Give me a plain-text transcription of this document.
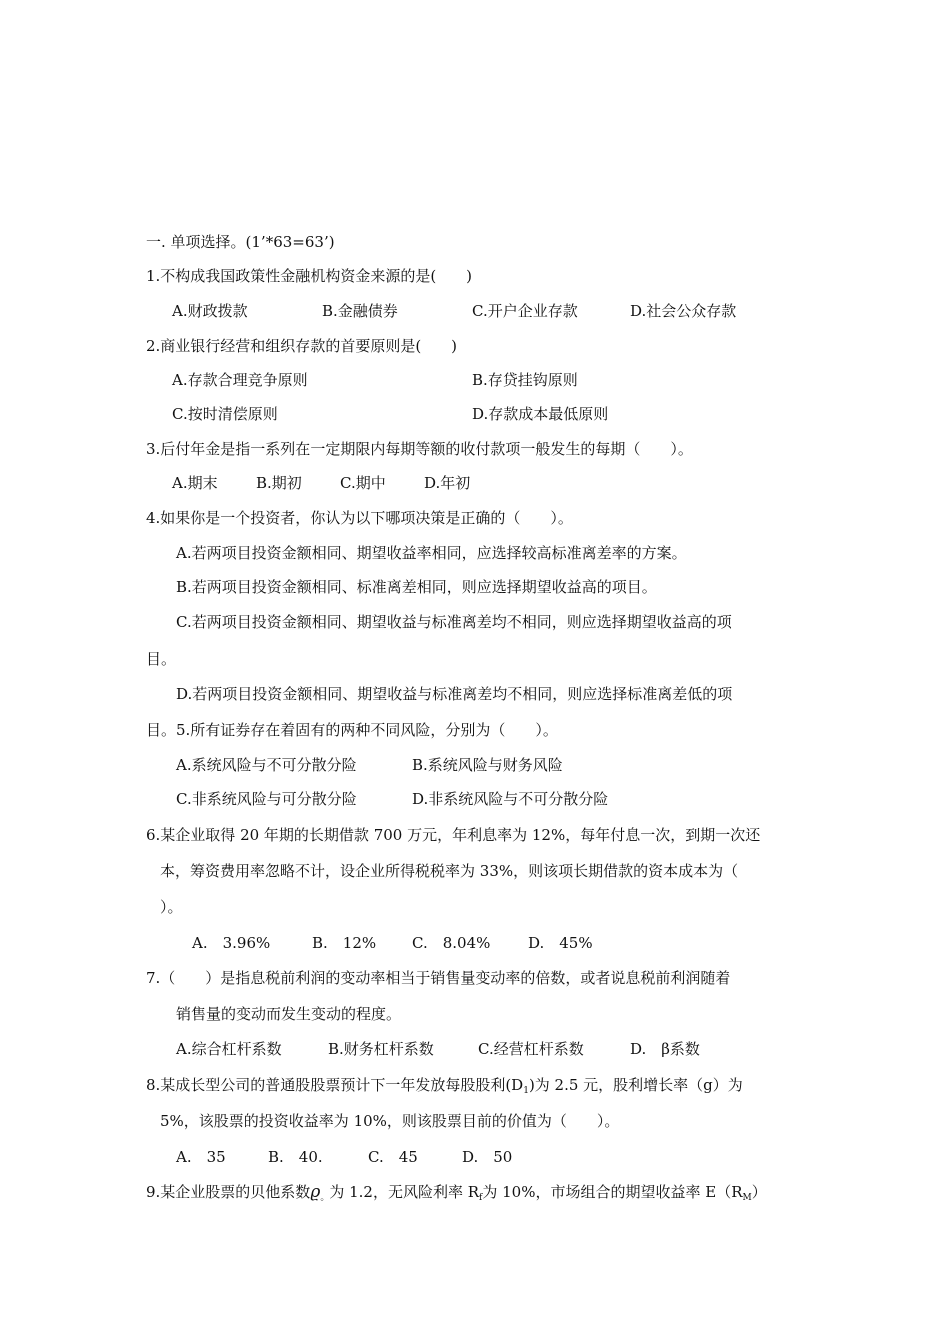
一. 单项选择。(1’*63=63’)
1.不构成我国政策性金融机构资金来源的是(　　)
A.财政拨款	B.金融债券	C.开户企业存款	D.社会公众存款
2.商业银行经营和组织存款的首要原则是(　　)
A.存款合理竞争原则	B.存贷挂钩原则
C.按时清偿原则	D.存款成本最低原则
3.后付年金是指一系列在一定期限内每期等额的收付款项一般发生的每期（　　）。
A.期末	B.期初	C.期中	D.年初
4.如果你是一个投资者，你认为以下哪项决策是正确的（　　）。
A.若两项目投资金额相同、期望收益率相同，应选择较高标准离差率的方案。
B.若两项目投资金额相同、标准离差相同，则应选择期望收益高的项目。
C.若两项目投资金额相同、期望收益与标准离差均不相同，则应选择期望收益高的项
目。
D.若两项目投资金额相同、期望收益与标准离差均不相同，则应选择标准离差低的项
目。5.所有证券存在着固有的两种不同风险，分别为（　　）。
A.系统风险与不可分散分险	B.系统风险与财务风险
C.非系统风险与可分散分险	D.非系统风险与不可分散分险
6.某企业取得 20 年期的长期借款 700 万元，年利息率为 12%，每年付息一次，到期一次还
本，筹资费用率忽略不计，设企业所得税税率为 33%，则该项长期借款的资本成本为（
）。
A.　3.96%	B.　12% C.　8.04%	D.　45%
7.（　　）是指息税前利润的变动率相当于销售量变动率的倍数，或者说息税前利润随着
销售量的变动而发生变动的程度。
A.综合杠杆系数	B.财务杠杆系数	C.经营杠杆系数	D.　β系数
8.某成长型公司的普通股股票预计下一年发放每股股利$(D_1)$为 2.5 元，股利增长率（g）为
5%，该股票的投资收益率为 10%，则该股票目前的价值为（　　）。
A.　35	B.　40.	C.　45	D.　50
9.某企业股票的贝他系数$ϱ_。$为 1.2，无风险利率 $R_f$为 10%，市场组合的期望收益率 $E(R_M)$
